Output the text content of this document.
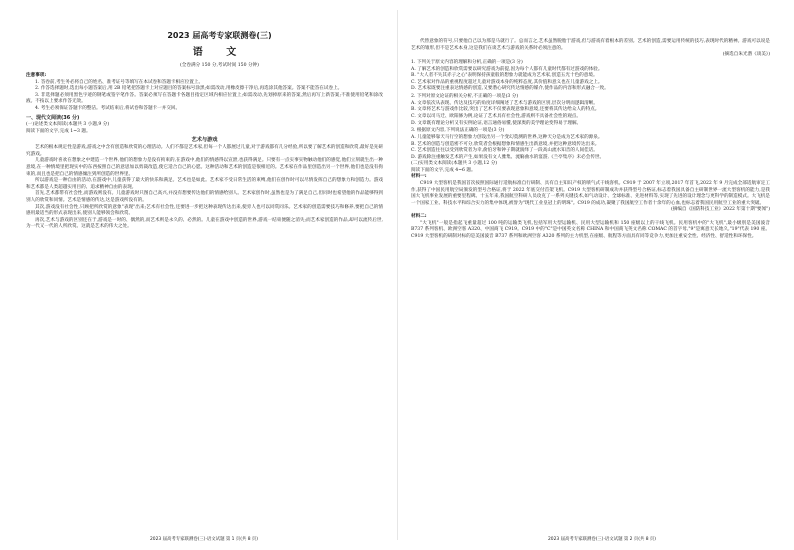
2023 届高考专家联测卷(三)
语 文
(全卷满分 150 分,考试时间 150 分钟)

注意事项:

1. 答卷前,考生务必将自己的姓名、准考证号等填写在本试卷和答题卡相应位置上。

2. 作答选择题时,选出每小题答案后,用 2B 铅笔把答题卡上对应题目的答案标号涂黑;如需改动,用橡皮擦干净后,再选涂其他答案。答案不能答在试卷上。

3. 非选择题必须用黑色字迹的钢笔或签字笔作答。答案必须写在答题卡各题目指定区域内相应位置上;如需改动,先划掉原来的答案,然后再写上新答案;不准使用铅笔和涂改液。不按以上要求作答无效。

4. 考生必须保证答题卡的整洁。考试结束后,将试卷和答题卡一并交回。

一、现代文阅读(36 分)

(一)论述类文本阅读(本题共 3 小题,9 分)

阅读下面的文字,完成 1~3 题。

艺术与游戏

艺术的根本规定性是游戏,游戏之中含有创造和欣赏的心理活动。人们不都是艺术家,但每一个人都展过儿童,对于游戏都有几分经验,所以要了解艺术的创造和欣赏,最好是先研究游戏。

儿童游戏时喜欢在想象之中建造一个世界,他们的想象力是没有拘束的,在游戏中,他们的情感得以宣泄,也获得满足。只要有一点实事实物触动他们的感觉,他们立刻就生出一种意境,在一种情境里把现实中的东西按照自己的意思加以剪裁改造,使它适合自己的心愿。这种活动和艺术的创造是很相近的。艺术家在作品里创造出另一个世界,他们也是没有拘束的,而且也是把自己的情感倾注到所创造的世界里。

所以游戏是一种自由的活动,在游戏中,儿童获得了最大的快乐和满足。艺术也是如此。艺术家不受日常生活的束缚,他们在创作时可以尽情发挥自己的想象力和创造力。游戏和艺术都是人类超越实用目的、追求精神自由的表现。

首先,艺术都带有社会性,而游戏则没有。儿童游戏时只图自己高兴,并没有想要传达他们的情感给别人。艺术家创作时,虽然也是为了满足自己,但同时也希望他的作品能够得到别人的欣赏和同情。艺术是情感的传达,这是游戏所没有的。

其次,游戏没有社会性,只顾把所欣赏的意象"表现"出来;艺术有社会性,还要进一步把这种表现传达出来,使旁人也可以同赏同乐。艺术家的创造需要技巧和修养,要把自己的情感用最适当的形式表现出来,使别人能够领会和欣赏。

再次,艺术与游戏的区别还在于,游戏是一时的、偶然的,而艺术则是永久的、必然的。儿童在游戏中创造的世界,游戏一结束便随之消失;而艺术家创造的作品,却可以流传后世,为一代又一代的人所欣赏。这就是艺术的伟大之处。

代替意象的符号,只要他自己以为那是马就行了。总而言之,艺术虽然脱胎于游戏,但与游戏有着根本的差别。艺术的创造,需要运用传统的技巧,表现时代的精神。游戏可以说是艺术的雏形,但不是艺术本身,这是我们在谈艺术与游戏的关系时必须注意的。

(摘选自朱光潜《谈美》)

1. 下列关于原文内容的理解和分析,正确的一项是(3 分)

A. 了解艺术的创造和欣赏需要以研究游戏为前提,因为每个人都有儿童时代都有过游戏的体验。

B. "大人者不失其赤子之心"表明保持孩童般的想象力就能成为艺术家,创造五光十色的意境。

C. 艺术家对作品的重视程度超过儿童对游戏本身的纯粹态度,其价值和意义也在儿童游戏之上。

D. 艺术家既要注重表达情感的创造,又要潜心研究传达情感的媒介,使作品的内容和形式融合一致。

2. 下列对原文论证的相关分析,不正确的一项是(3 分)

A. 文章依次从表现、传达及技巧的角度详细阐述了艺术与游戏的区别,层次分明而逻辑清晰。

B. 文章将艺术与游戏作比较,突出了艺术不仅要表现意象和意境,还要将其传达给众人的特点。

C. 文章以司马迁、欧阳修为例,论证了艺术具有社会性,游戏则不具备社会性的观点。

D. 文章既有理论分析又有实例论证,语言通俗易懂,使深奥的美学理论变得易于理解。

3. 根据原文内容,下列说法正确的一项是(3 分)

A. 儿童能够靠天马行空的想象力创设出另一个变幻莫测的世界,这种天分是成为艺术家的源泉。

B. 艺术的创造与创造密不可分,欣赏者会根据想象和情感生出新意境,并把这种意境传达出来。

C. 艺术创造往往以受到欣赏者为幸,俞伯牙和钟子期就演绎了一段高山流水知音的人间佳话。

D. 游戏除注重触发艺术的产生,如果没有文人雅集、流觞曲水的宴游,《兰亭集序》未必会传世。

(二)实用类文本阅读(本题共 3 小题,12 分)

阅读下面的文字,完成 4~6 题。

材料一:

C919 大型客机是我国首次按照国际通行适航标准自行研制、具有自主知识产权的喷气式干线客机。C919 于 2007 年立项,2017 年首飞,2022 年 9 月完成全部适航审定工作,获得了中国民用航空局颁发的型号合格证,将于 2022 年底交付首架飞机。C919 大型客机研制成功并获得型号合格证,标志着我国具备自主研制世界一流大型客机的能力,是我国大飞机事业发展的重要里程碑。十五年来,我国航空科研人员攻克了一系列关键技术,如气动设计、全球标准、先进材料等,实现了先进的设计理念与更科学的制造模式。大飞机是一个国家工业、科技水平和综合实力的集中体现,被誉为"现代工业皇冠上的明珠"。C919 的成功,凝聚了我国航空工作者十余年的心血,也标志着我国民用航空工业的重大突破。

(摘编自《国防科技工业》2022 年第十期"要闻")

材料二:

"大飞机"一般是指起飞重量超过 100 吨的运输类飞机,包括军用大型运输机、民用大型运输机和 150 座级以上的干线飞机。民用客机中的"大飞机",最小级别是美国波音 B737 系列客机、欧洲空客 A320、中国商飞 C919。C919 中的"C"是中国英文名称 CHINA 和中国商飞英文名称 COMAC 的首字母,"9"是寓意天长地久,"19"代表 190 座。C919 大型客机的研制对标的是美国波音 B737 系列和欧洲空客 A320 系列的主力机型,在座级、航程等方面具有同等竞争力,更加注重安全性、经济性、舒适性和环保性。

2023 届高考专家联测卷(三)·语文试题 第 1 页(共 8 页)	2023 届高考专家联测卷(三)·语文试题 第 2 页(共 8 页)
